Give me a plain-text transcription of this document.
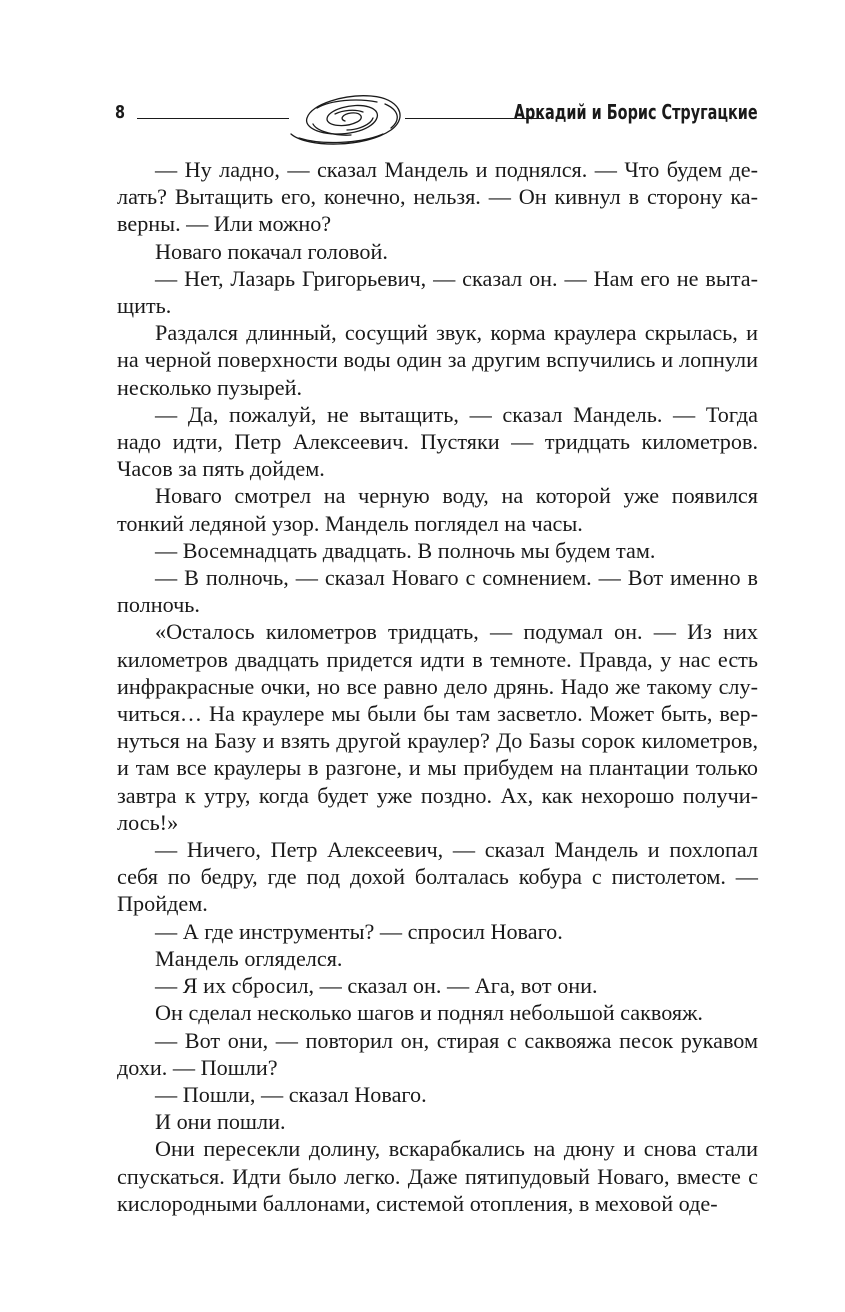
8	Аркадий и Борис Стругацкие

— Ну ладно, — сказал Мандель и поднялся. — Что будем делать? Вытащить его, конечно, нельзя. — Он кивнул в сторону каверны. — Или можно?

Новаго покачал головой.

— Нет, Лазарь Григорьевич, — сказал он. — Нам его не вытащить.

Раздался длинный, сосущий звук, корма краулера скрылась, и на черной поверхности воды один за другим вспучились и лопнули несколько пузырей.

— Да, пожалуй, не вытащить, — сказал Мандель. — Тогда надо идти, Петр Алексеевич. Пустяки — тридцать километров. Часов за пять дойдем.

Новаго смотрел на черную воду, на которой уже появился тонкий ледяной узор. Мандель поглядел на часы.

— Восемнадцать двадцать. В полночь мы будем там.

— В полночь, — сказал Новаго с сомнением. — Вот именно в полночь.

«Осталось километров тридцать, — подумал он. — Из них километров двадцать придется идти в темноте. Правда, у нас есть инфракрасные очки, но все равно дело дрянь. Надо же такому случиться… На краулере мы были бы там засветло. Может быть, вернуться на Базу и взять другой краулер? До Базы сорок километров, и там все краулеры в разгоне, и мы прибудем на плантации только завтра к утру, когда будет уже поздно. Ах, как нехорошо получилось!»

— Ничего, Петр Алексеевич, — сказал Мандель и похлопал себя по бедру, где под дохой болталась кобура с пистолетом. — Пройдем.

— А где инструменты? — спросил Новаго.

Мандель огляделся.

— Я их сбросил, — сказал он. — Ага, вот они.

Он сделал несколько шагов и поднял небольшой саквояж.

— Вот они, — повторил он, стирая с саквояжа песок рукавом дохи. — Пошли?

— Пошли, — сказал Новаго.

И они пошли.

Они пересекли долину, вскарабкались на дюну и снова стали спускаться. Идти было легко. Даже пятипудовый Новаго, вместе с кислородными баллонами, системой отопления, в меховой оде-
